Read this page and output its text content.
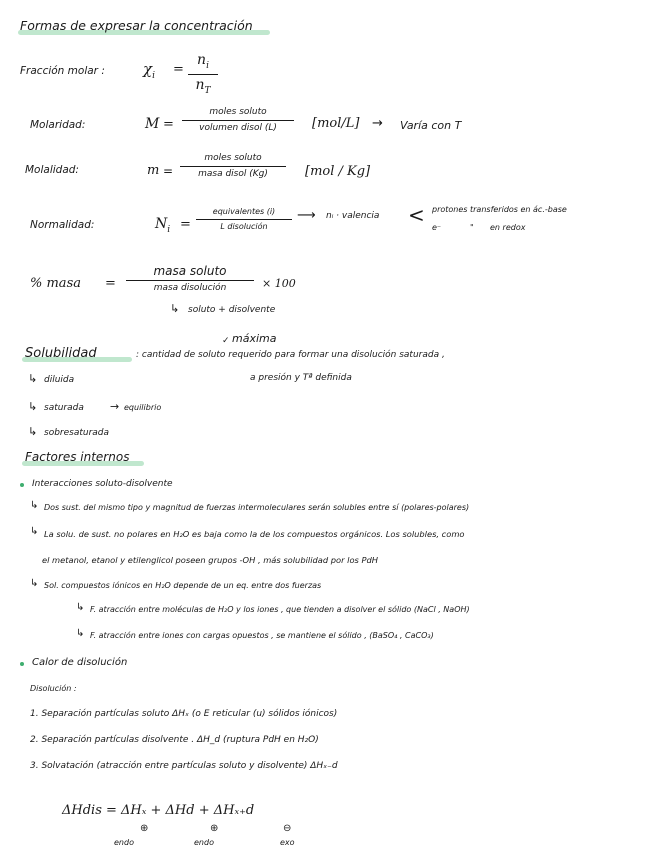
Formas de expresar la concentración
Fracción molar :	$\chi_i$ =
$n_i$
$n_T$
Molaridad:	M =
moles soluto
volumen disol (L)	[mol/L] → Varía con T
Molalidad:	m =
moles soluto
masa disol (Kg)	[mol / Kg]
Normalidad:	$N_i$ =
equivalentes (i)
L disolución
⟶ nᵢ · valencia < protones transferidos en ác.-base
e⁻	" en redox
% masa =
masa soluto
masa disolución	× 100
↳ soluto + disolvente
máxima
✓
Solubilidad	: cantidad de soluto requerido para formar una disolución saturada ,
↳ diluida	a presión y Tª definida
↳ saturada → equilibrio
↳ sobresaturada
Factores internos
Interacciones soluto-disolvente
↳ Dos sust. del mismo tipo y magnitud de fuerzas intermoleculares serán solubles entre sí (polares-polares)
↳ La solu. de sust. no polares en H₂O es baja como la de los compuestos orgánicos. Los solubles, como
el metanol, etanol y etilenglicol poseen grupos -OH , más solubilidad por los PdH
↳ Sol. compuestos iónicos en H₂O depende de un eq. entre dos fuerzas
↳ F. atracción entre moléculas de H₂O y los iones , que tienden a disolver el sólido (NaCl , NaOH)
↳ F. atracción entre iones con cargas opuestos , se mantiene el sólido , (BaSO₄ , CaCO₃)
Calor de disolución
Disolución :
1. Separación partículas soluto ΔHₓ (o E reticular (u) sólidos iónicos)
2. Separación partículas disolvente . ΔH_d (ruptura PdH en H₂O)
3. Solvatación (atracción entre partículas soluto y disolvente) ΔHₓ₋d
ΔHdis = ΔHₓ + ΔHd + ΔHₓ₊d
⊕	⊕	⊖
endo	endo	exo
